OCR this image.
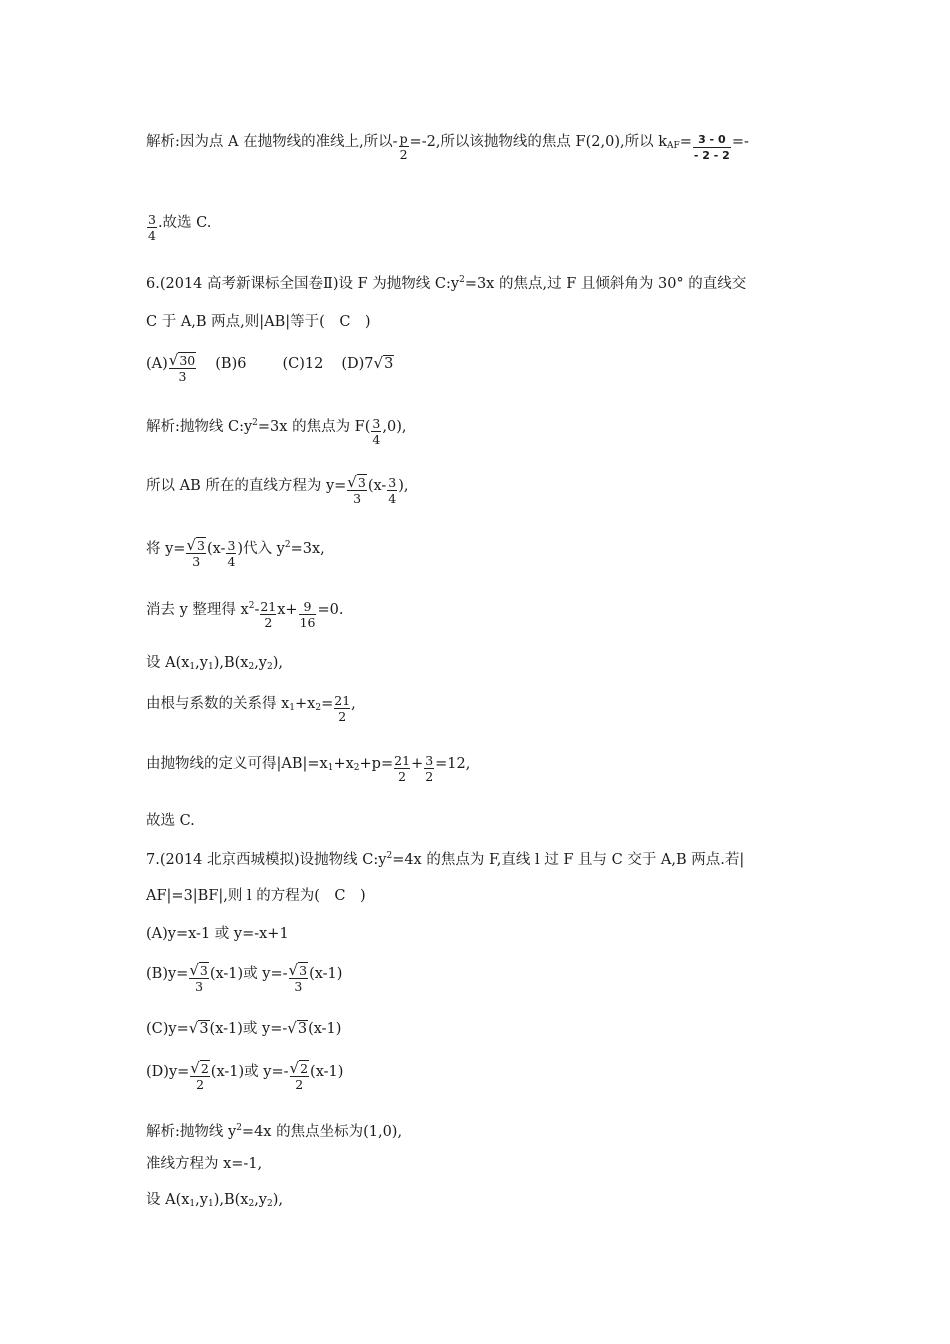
解析:因为点 A 在抛物线的准线上,所以- $\frac{p}{2} =-2$,所以该抛物线的焦点 F(2,0),所以 $k_{AF}= \frac{3 - 0}{- 2 - 2}$ =-
$\frac{3}{4}$ .故选 C.
6.(2014 高考新课标全国卷Ⅱ)设 F 为抛物线 $C:y^2=3x$ 的焦点,过 F 且倾斜角为 30° 的直线交
C 于 A,B 两点,则|AB|等于(　C　)
$(A) \frac{√30}{3} (B)6$ (C)12 (D)7√3
解析:抛物线 $C:y^2=3x$ 的焦点为 $F( \frac{3}{4} ,0)$,
所以 AB 所在的直线方程为 $y= \frac{√3}{3} (x- \frac{3}{4}$ ),
将 $y= \frac{√3}{3} (x- \frac{3}{4}$ )代入 $y^2=3x$,
消去 y 整理得 $x^2- \frac{21}{2} x+ \frac{9}{16} =0$.
设 $A(x_1,y_1),B(x_2,y_2)$,
由根与系数的关系得 $x_1+x_2= \frac{21}{2}$ ,
由抛物线的定义可得$|AB|=x_1+x_2+p= \frac{21}{2} + \frac{3}{2} =12$,
故选 C.
7.(2014 北京西城模拟)设抛物线 $C:y^2=4x$ 的焦点为 F,直线 l 过 F 且与 C 交于 A,B 两点.若|
AF|=3|BF|,则 l 的方程为(　C　)
(A)y=x-1 或 y=-x+1
$(B)y= \frac{√3}{3} (x-1)$或 $y=- \frac{√3}{3} (x-1)$
(C)y=√3(x-1)或 y=-√3(x-1)
$(D)y= \frac{√2}{2} (x-1)$或 $y=- \frac{√2}{2} (x-1)$
解析:抛物线 $y^2=4x$ 的焦点坐标为(1,0),
准线方程为 x=-1,
设 $A(x_1,y_1),B(x_2,y_2)$,
